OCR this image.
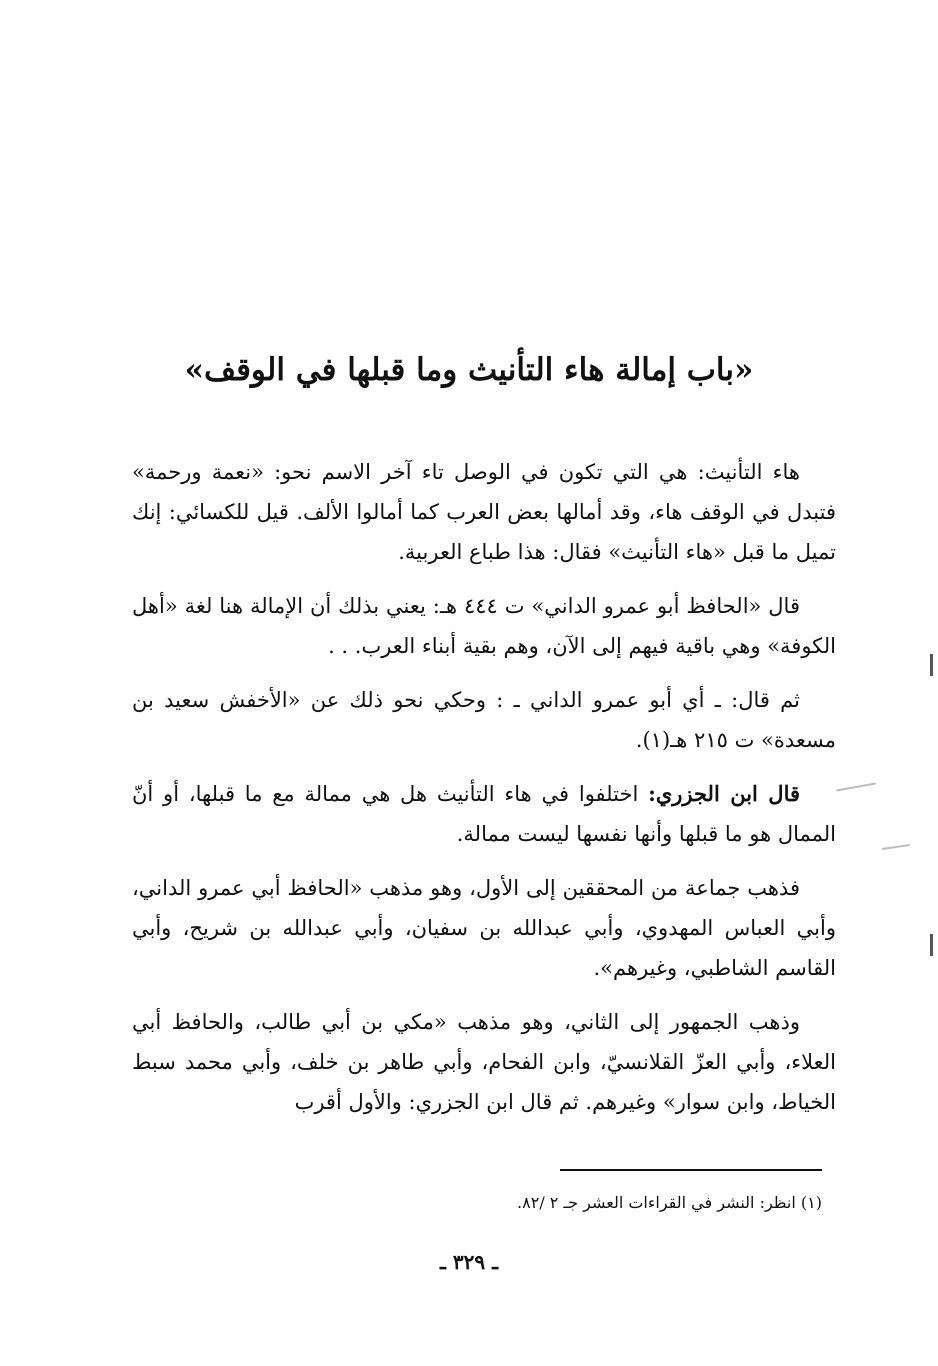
«باب إمالة هاء التأنيث وما قبلها في الوقف»

هاء التأنيث: هي التي تكون في الوصل تاء آخر الاسم نحو: «نعمة ورحمة» فتبدل في الوقف هاء، وقد أمالها بعض العرب كما أمالوا الألف. قيل للكسائي: إنك تميل ما قبل «هاء التأنيث» فقال: هذا طباع العربية.

قال «الحافظ أبو عمرو الداني» ت ٤٤٤ هـ: يعني بذلك أن الإمالة هنا لغة «أهل الكوفة» وهي باقية فيهم إلى الآن، وهم بقية أبناء العرب. . .

ثم قال: ـ أي أبو عمرو الداني ـ : وحكي نحو ذلك عن «الأخفش سعيد بن مسعدة» ت ٢١٥ هـ(١).

قال ابن الجزري: اختلفوا في هاء التأنيث هل هي ممالة مع ما قبلها، أو أنّ الممال هو ما قبلها وأنها نفسها ليست ممالة.

فذهب جماعة من المحققين إلى الأول، وهو مذهب «الحافظ أبي عمرو الداني، وأبي العباس المهدوي، وأبي عبدالله بن سفيان، وأبي عبدالله بن شريح، وأبي القاسم الشاطبي، وغيرهم».

وذهب الجمهور إلى الثاني، وهو مذهب «مكي بن أبي طالب، والحافظ أبي العلاء، وأبي العزّ القلانسيّ، وابن الفحام، وأبي طاهر بن خلف، وأبي محمد سبط الخياط، وابن سوار» وغيرهم. ثم قال ابن الجزري: والأول أقرب

(١) انظر: النشر في القراءات العشر جـ ٢ /٨٢.

ـ ٣٢٩ ـ
